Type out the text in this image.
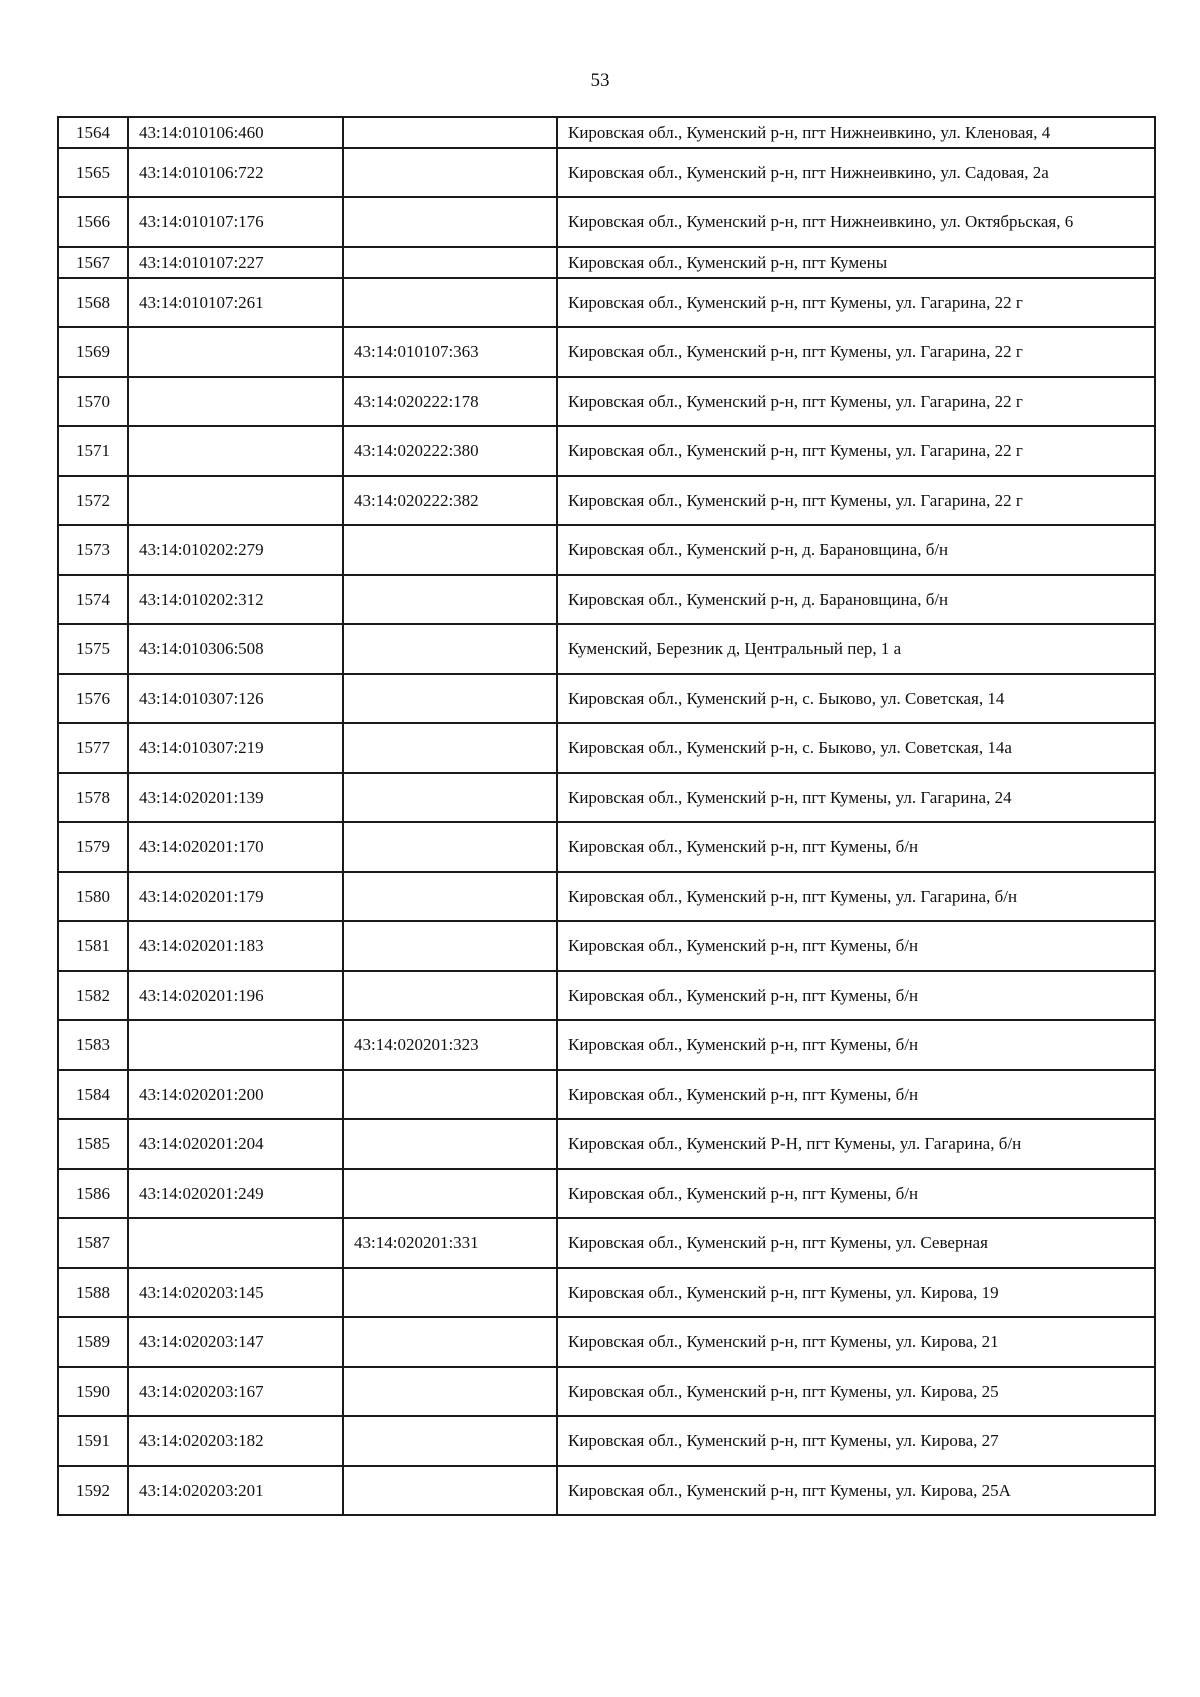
53
1564	43:14:010106:460		Кировская обл., Куменский р-н, пгт Нижнеивкино, ул. Кленовая, 4
1565	43:14:010106:722		Кировская обл., Куменский р-н, пгт Нижнеивкино, ул. Садовая, 2а
1566	43:14:010107:176		Кировская обл., Куменский р-н, пгт Нижнеивкино, ул. Октябрьская, 6
1567	43:14:010107:227		Кировская обл., Куменский р-н, пгт Кумены
1568	43:14:010107:261		Кировская обл., Куменский р-н, пгт Кумены, ул. Гагарина, 22 г
1569		43:14:010107:363	Кировская обл., Куменский р-н, пгт Кумены, ул. Гагарина, 22 г
1570		43:14:020222:178	Кировская обл., Куменский р-н, пгт Кумены, ул. Гагарина, 22 г
1571		43:14:020222:380	Кировская обл., Куменский р-н, пгт Кумены, ул. Гагарина, 22 г
1572		43:14:020222:382	Кировская обл., Куменский р-н, пгт Кумены, ул. Гагарина, 22 г
1573	43:14:010202:279		Кировская обл., Куменский р-н, д. Барановщина, б/н
1574	43:14:010202:312		Кировская обл., Куменский р-н, д. Барановщина, б/н
1575	43:14:010306:508		Куменский, Березник д, Центральный пер, 1 а
1576	43:14:010307:126		Кировская обл., Куменский р-н, с. Быково, ул. Советская, 14
1577	43:14:010307:219		Кировская обл., Куменский р-н, с. Быково, ул. Советская, 14а
1578	43:14:020201:139		Кировская обл., Куменский р-н, пгт Кумены, ул. Гагарина, 24
1579	43:14:020201:170		Кировская обл., Куменский р-н, пгт Кумены, б/н
1580	43:14:020201:179		Кировская обл., Куменский р-н, пгт Кумены, ул. Гагарина, б/н
1581	43:14:020201:183		Кировская обл., Куменский р-н, пгт Кумены, б/н
1582	43:14:020201:196		Кировская обл., Куменский р-н, пгт Кумены, б/н
1583		43:14:020201:323	Кировская обл., Куменский р-н, пгт Кумены, б/н
1584	43:14:020201:200		Кировская обл., Куменский р-н, пгт Кумены, б/н
1585	43:14:020201:204		Кировская обл., Куменский Р-Н, пгт Кумены, ул. Гагарина, б/н
1586	43:14:020201:249		Кировская обл., Куменский р-н, пгт Кумены, б/н
1587		43:14:020201:331	Кировская обл., Куменский р-н, пгт Кумены, ул. Северная
1588	43:14:020203:145		Кировская обл., Куменский р-н, пгт Кумены, ул. Кирова, 19
1589	43:14:020203:147		Кировская обл., Куменский р-н, пгт Кумены, ул. Кирова, 21
1590	43:14:020203:167		Кировская обл., Куменский р-н, пгт Кумены, ул. Кирова, 25
1591	43:14:020203:182		Кировская обл., Куменский р-н, пгт Кумены, ул. Кирова, 27
1592	43:14:020203:201		Кировская обл., Куменский р-н, пгт Кумены, ул. Кирова, 25А
